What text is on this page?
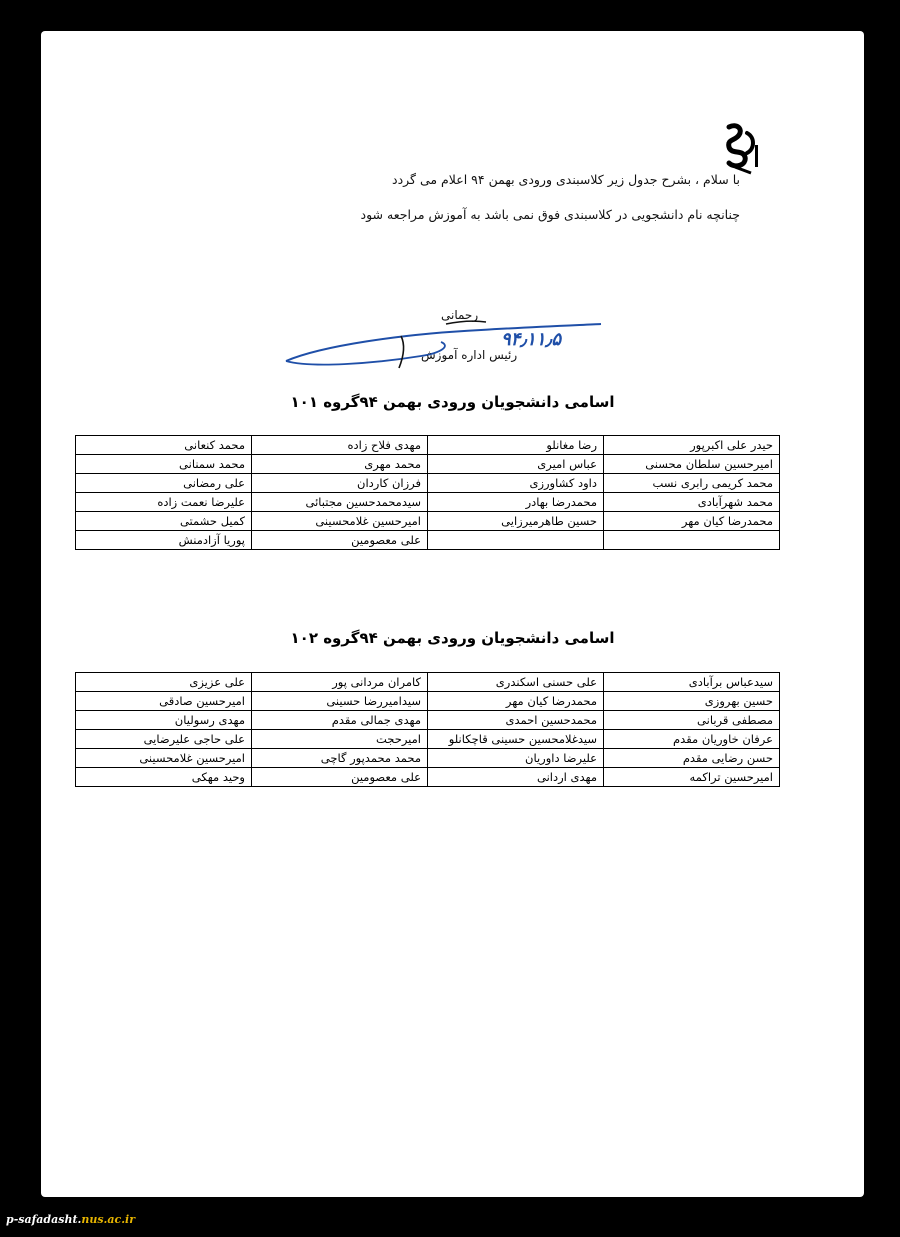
با سلام ، بشرح جدول زیر کلاسبندی ورودی بهمن ۹۴ اعلام می گردد
چنانچه نام دانشجویی در کلاسبندی فوق نمی باشد به آموزش مراجعه شود
رحمانی
۹۴٫۱۱٫۵
رئیس اداره آموزش
اسامی دانشجویان ورودی بهمن ۹۴گروه ۱۰۱
حیدر علی اکبرپور	رضا مغانلو	مهدی فلاح زاده	محمد کنعانی
امیرحسین سلطان محسنی	عباس امیری	محمد مهری	محمد سمنانی
محمد کریمی رابری نسب	داود کشاورزی	فرزان کاردان	علی رمضانی
محمد شهرآبادی	محمدرضا بهادر	سیدمحمدحسین مجتبائی	علیرضا نعمت زاده
محمدرضا کیان مهر	حسین طاهرمیرزایی	امیرحسین غلامحسینی	کمیل حشمتی
		علی معصومین	پوریا آزادمنش
اسامی دانشجویان ورودی بهمن ۹۴گروه ۱۰۲
سیدعباس برآبادی	علی حسنی اسکندری	کامران مردانی پور	علی عزیزی
حسین بهروزی	محمدرضا کیان مهر	سیدامیررضا حسینی	امیرحسین صادقی
مصطفی قربانی	محمدحسین احمدی	مهدی جمالی مقدم	مهدی رسولیان
عرفان خاوریان مقدم	سیدغلامحسین حسینی قاچکانلو	امیرحجت	علی حاجی علیرضایی
حسن رضایی مقدم	علیرضا داوریان	محمد محمدپور گاچی	امیرحسین غلامحسینی
امیرحسین تراکمه	مهدی اردانی	علی معصومین	وحید مهکی
p-safadasht.nus.ac.ir
